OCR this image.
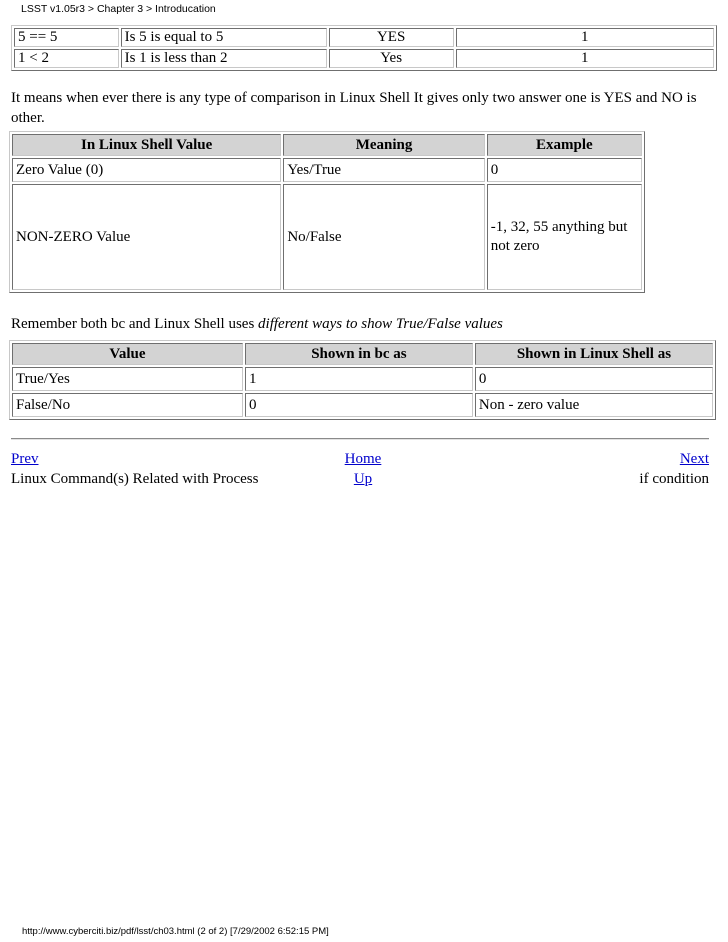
LSST v1.05r3 > Chapter 3 > Introducation
5 == 5	Is 5 is equal to 5	YES	1
1 < 2	Is 1 is less than 2	Yes	1
It means when ever there is any type of comparison in Linux Shell It gives only two answer one is YES and NO is other.
In Linux Shell Value	Meaning	Example
Zero Value (0)	Yes/True	0
NON-ZERO Value	No/False	-1, 32, 55 anything but not zero
Remember both bc and Linux Shell uses different ways to show True/False values
Value	Shown in bc as	Shown in Linux Shell as
True/Yes	1	0
False/No	0	Non - zero value
Prev
Linux Command(s) Related with Process
Home
Up
Next
if condition
http://www.cyberciti.biz/pdf/lsst/ch03.html (2 of 2) [7/29/2002 6:52:15 PM]
